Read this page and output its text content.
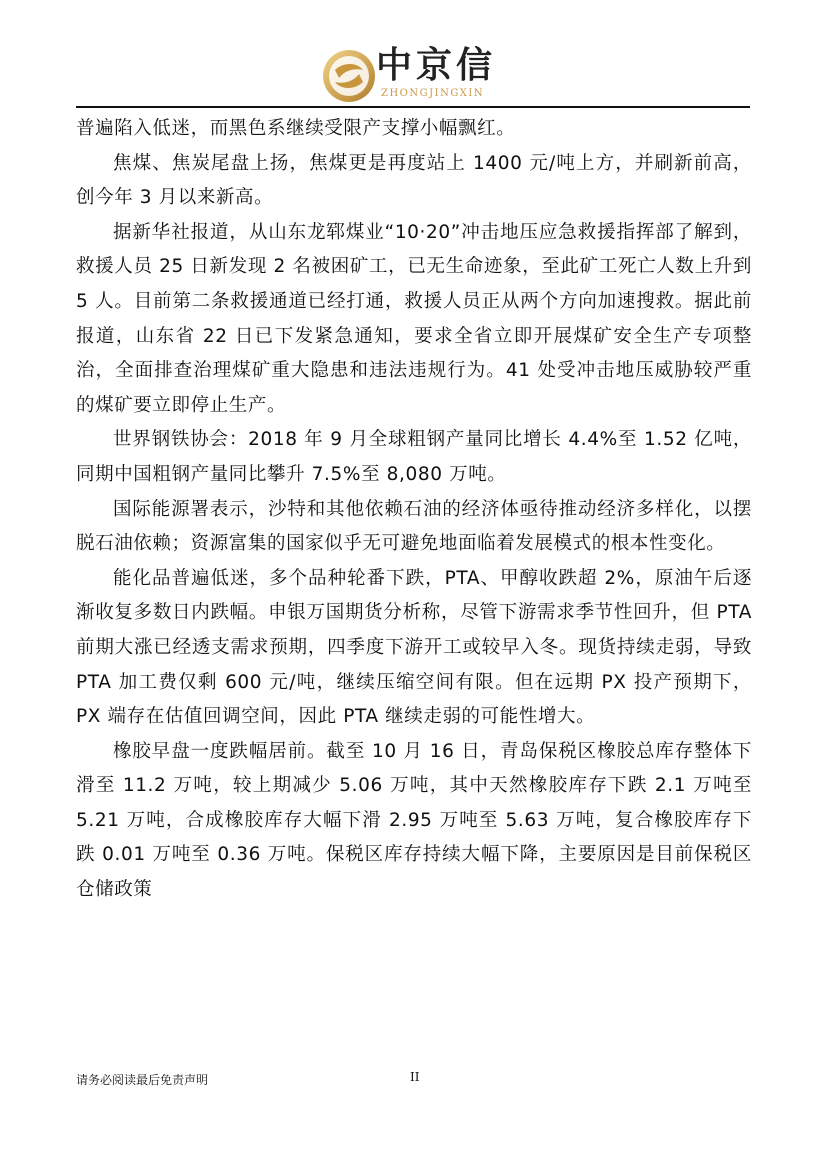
中京信
ZHONGJINGXIN

普遍陷入低迷，而黑色系继续受限产支撑小幅飘红。

焦煤、焦炭尾盘上扬，焦煤更是再度站上 1400 元/吨上方，并刷新前高，创今年 3 月以来新高。

据新华社报道，从山东龙郓煤业“10·20”冲击地压应急救援指挥部了解到，救援人员 25 日新发现 2 名被困矿工，已无生命迹象，至此矿工死亡人数上升到 5 人。目前第二条救援通道已经打通，救援人员正从两个方向加速搜救。据此前报道，山东省 22 日已下发紧急通知，要求全省立即开展煤矿安全生产专项整治，全面排查治理煤矿重大隐患和违法违规行为。41 处受冲击地压威胁较严重的煤矿要立即停止生产。

世界钢铁协会：2018 年 9 月全球粗钢产量同比增长 4.4%至 1.52 亿吨，同期中国粗钢产量同比攀升 7.5%至 8,080 万吨。

国际能源署表示，沙特和其他依赖石油的经济体亟待推动经济多样化，以摆脱石油依赖；资源富集的国家似乎无可避免地面临着发展模式的根本性变化。

能化品普遍低迷，多个品种轮番下跌，PTA、甲醇收跌超 2%，原油午后逐渐收复多数日内跌幅。申银万国期货分析称，尽管下游需求季节性回升，但 PTA 前期大涨已经透支需求预期，四季度下游开工或较早入冬。现货持续走弱，导致 PTA 加工费仅剩 600 元/吨，继续压缩空间有限。但在远期 PX 投产预期下，PX 端存在估值回调空间，因此 PTA 继续走弱的可能性增大。

橡胶早盘一度跌幅居前。截至 10 月 16 日，青岛保税区橡胶总库存整体下滑至 11.2 万吨，较上期减少 5.06 万吨，其中天然橡胶库存下跌 2.1 万吨至 5.21 万吨，合成橡胶库存大幅下滑 2.95 万吨至 5.63 万吨，复合橡胶库存下跌 0.01 万吨至 0.36 万吨。保税区库存持续大幅下降，主要原因是目前保税区仓储政策

请务必阅读最后免责声明	II
